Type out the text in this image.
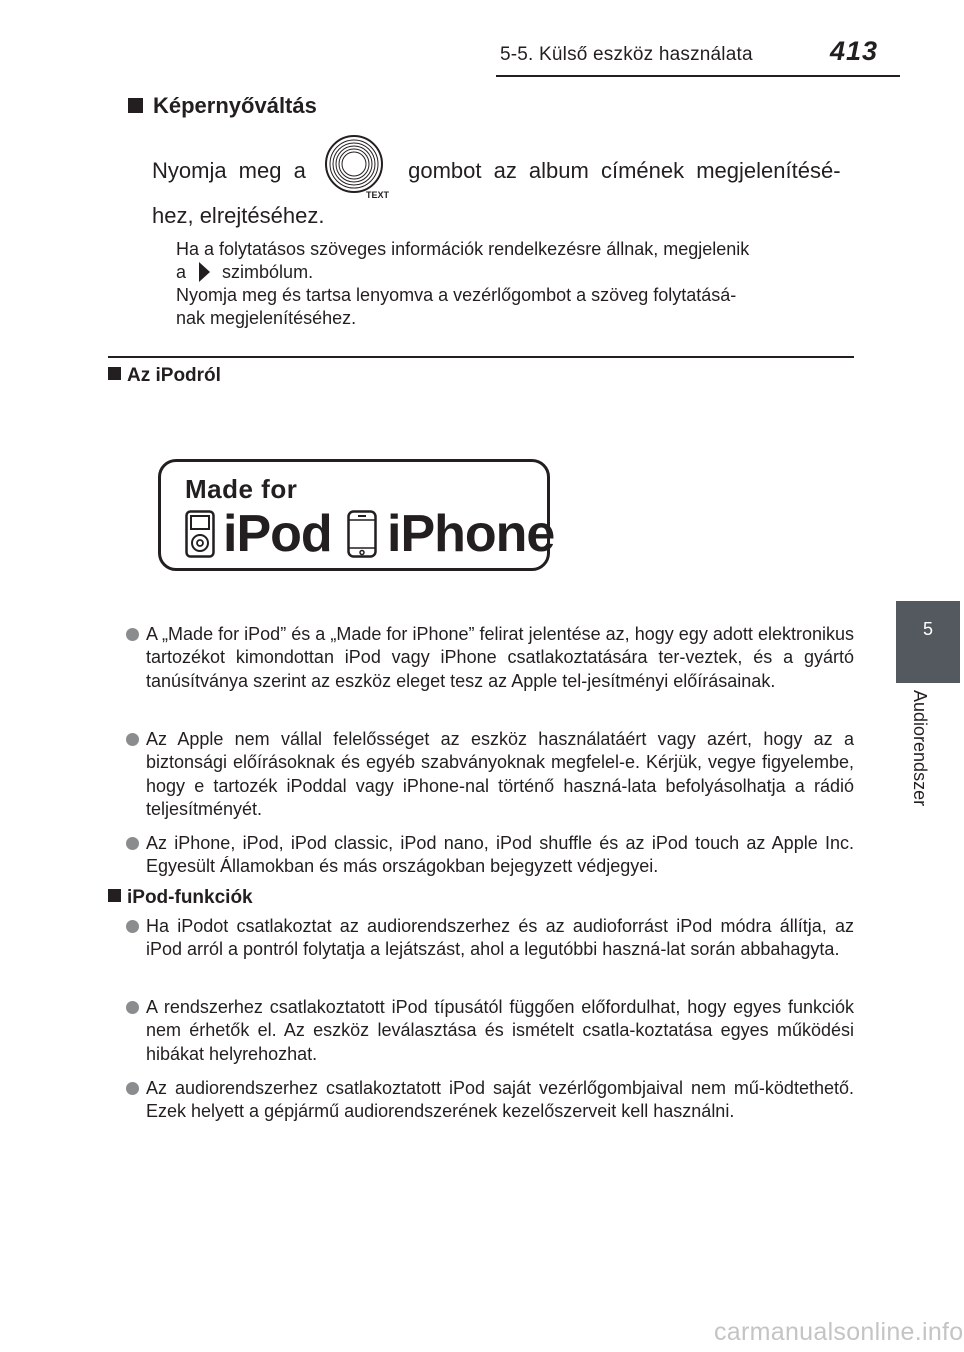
5-5. Külső eszköz használata	413
5
Audiorendszer
Képernyőváltás
Nyomja meg a	gombot az album címének megjelenítésé-
TEXT
hez, elrejtéséhez.
Ha a folytatásos szöveges információk rendelkezésre állnak, megjelenik
a szimbólum.
Nyomja meg és tartsa lenyomva a vezérlőgombot a szöveg folytatásá-
nak megjelenítéséhez.
Az iPodról
Made for
iPod iPhone
A „Made for iPod” és a „Made for iPhone” felirat jelentése az, hogy egy adott elektronikus tartozékot kimondottan iPod vagy iPhone csatlakoztatására ter-veztek, és a gyártó tanúsítványa szerint az eszköz eleget tesz az Apple tel-jesítményi előírásainak.
Az Apple nem vállal felelősséget az eszköz használatáért vagy azért, hogy az a biztonsági előírásoknak és egyéb szabványoknak megfelel-e. Kérjük, vegye figyelembe, hogy e tartozék iPoddal vagy iPhone-nal történő haszná-lata befolyásolhatja a rádió teljesítményét.
Az iPhone, iPod, iPod classic, iPod nano, iPod shuffle és az iPod touch az Apple Inc. Egyesült Államokban és más országokban bejegyzett védjegyei.
iPod-funkciók
Ha iPodot csatlakoztat az audiorendszerhez és az audioforrást iPod módra állítja, az iPod arról a pontról folytatja a lejátszást, ahol a legutóbbi haszná-lat során abbahagyta.
A rendszerhez csatlakoztatott iPod típusától függően előfordulhat, hogy egyes funkciók nem érhetők el. Az eszköz leválasztása és ismételt csatla-koztatása egyes működési hibákat helyrehozhat.
Az audiorendszerhez csatlakoztatott iPod saját vezérlőgombjaival nem mű-ködtethető. Ezek helyett a gépjármű audiorendszerének kezelőszerveit kell használni.
carmanualsonline.info
